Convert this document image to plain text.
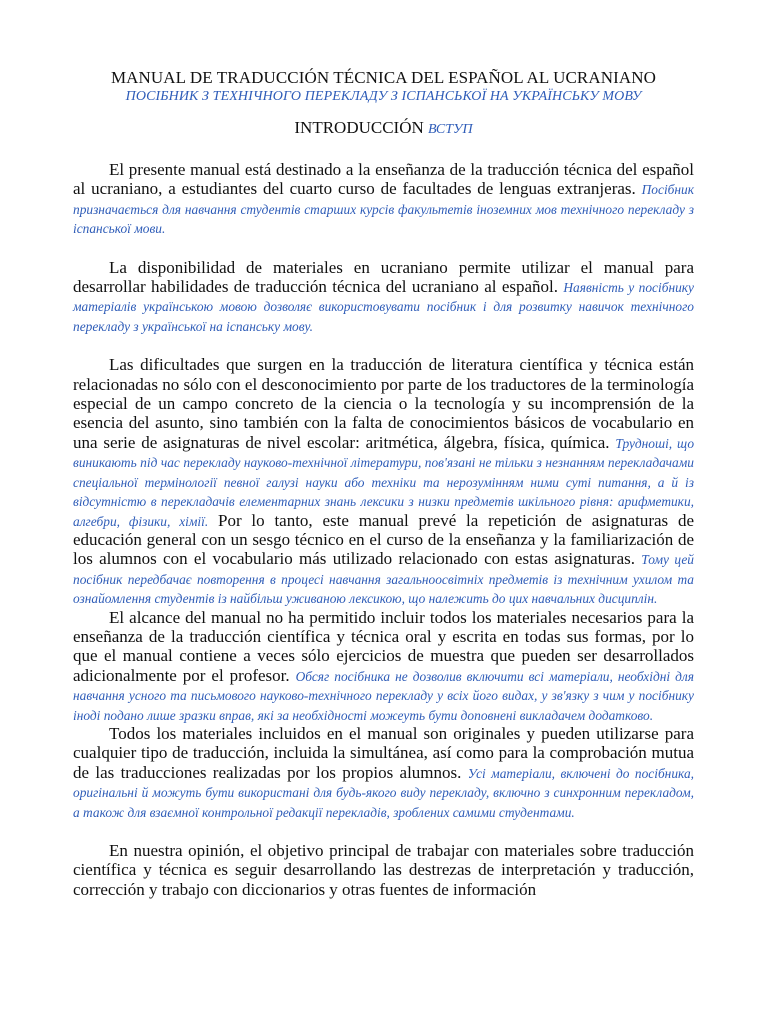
MANUAL DE TRADUCCIÓN TÉCNICA DEL ESPAÑOL AL UCRANIANO

ПОСІБНИК З ТЕХНІЧНОГО ПЕРЕКЛАДУ З ІСПАНСЬКОЇ НА УКРАЇНСЬКУ МОВУ

INTRODUCCIÓN ВСТУП

El presente manual está destinado a la enseñanza de la traducción técnica del español al ucraniano, a estudiantes del cuarto curso de facultades de lenguas extranjeras. Посібник призначається для навчання студентів старших курсів факультетів іноземних мов технічного перекладу з іспанської мови.

La disponibilidad de materiales en ucraniano permite utilizar el manual para desarrollar habilidades de traducción técnica del ucraniano al español. Наявність у посібнику матеріалів українською мовою дозволяє використовувати посібник і для розвитку навичок технічного перекладу з української на іспанську мову.

Las dificultades que surgen en la traducción de literatura científica y técnica están relacionadas no sólo con el desconocimiento por parte de los traductores de la terminología especial de un campo concreto de la ciencia o la tecnología y su incomprensión de la esencia del asunto, sino también con la falta de conocimientos básicos de vocabulario en una serie de asignaturas de nivel escolar: aritmética, álgebra, física, química. Трудноші, що виникають під час перекладу науково-технічної літератури, пов'язані не тільки з незнанням перекладачами спеціальної термінології певної галузі науки або техніки та нерозумінням ними суті питання, а й із відсутністю в перекладачів елементарних знань лексики з низки предметів шкільного рівня: арифметики, алгебри, фізики, хімії. Por lo tanto, este manual prevé la repetición de asignaturas de educación general con un sesgo técnico en el curso de la enseñanza y la familiarización de los alumnos con el vocabulario más utilizado relacionado con estas asignaturas. Тому цей посібник передбачає повторення в процесі навчання загальноосвітніх предметів із технічним ухилом та ознайомлення студентів із найбільш уживаною лексикою, що належить до цих навчальних дисциплін.

El alcance del manual no ha permitido incluir todos los materiales necesarios para la enseñanza de la traducción científica y técnica oral y escrita en todas sus formas, por lo que el manual contiene a veces sólo ejercicios de muestra que pueden ser desarrollados adicionalmente por el profesor. Обсяг посібника не дозволив включити всі матеріали, необхідні для навчання усного та письмового науково-технічного перекладу у всіх його видах, у зв'язку з чим у посібнику іноді подано лише зразки вправ, які за необхідності можеуть бути доповнені викладачем додатково.

Todos los materiales incluidos en el manual son originales y pueden utilizarse para cualquier tipo de traducción, incluida la simultánea, así como para la comprobación mutua de las traducciones realizadas por los propios alumnos. Усі матеріали, включені до посібника, оригінальні й можуть бути використані для будь-якого виду перекладу, включно з синхронним перекладом, а також для взаємної контрольної редакції перекладів, зроблених самими студентами.

En nuestra opinión, el objetivo principal de trabajar con materiales sobre traducción científica y técnica es seguir desarrollando las destrezas de interpretación y traducción, corrección y trabajo con diccionarios y otras fuentes de información
